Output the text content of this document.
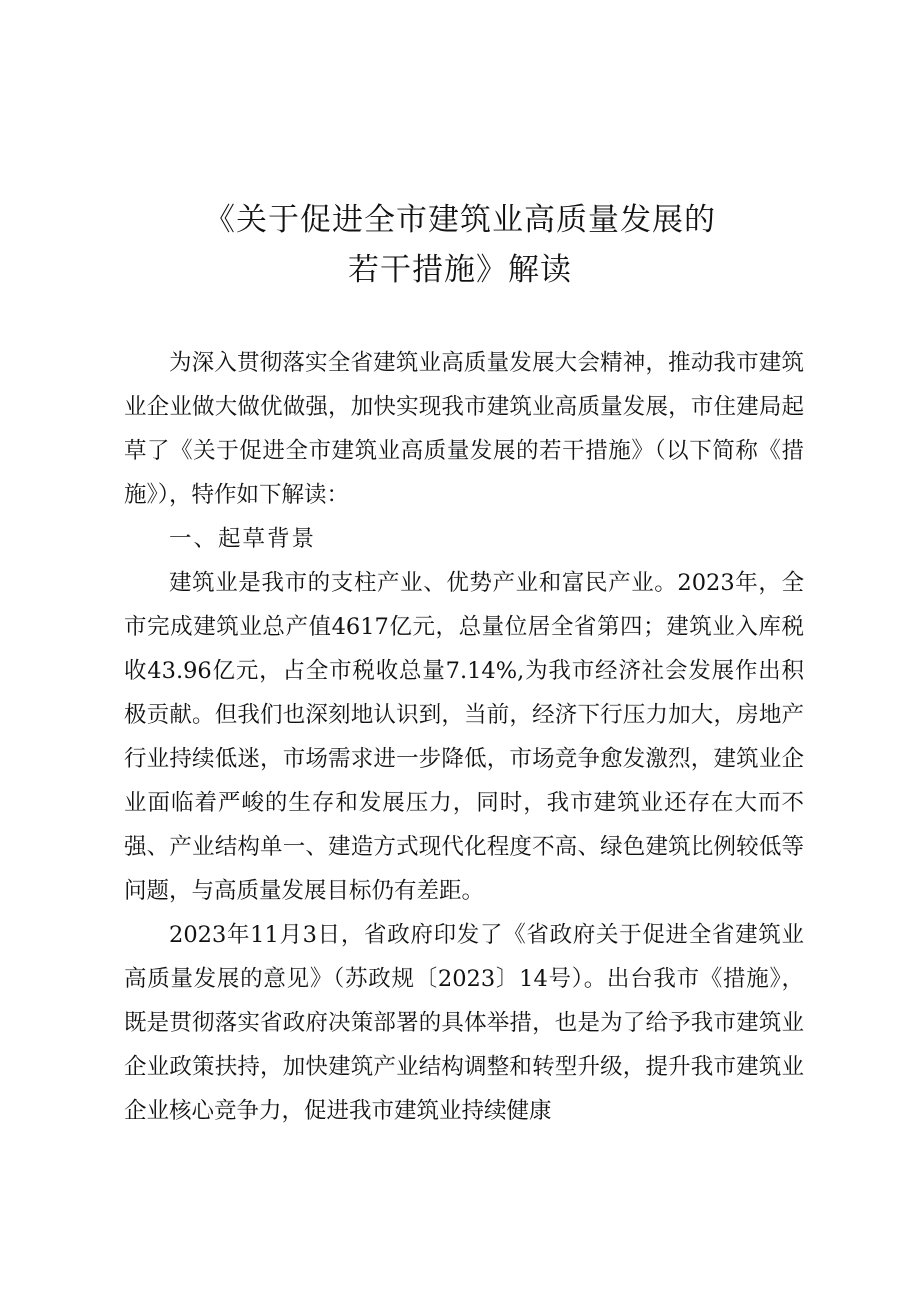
《关于促进全市建筑业高质量发展的
若干措施》解读

为深入贯彻落实全省建筑业高质量发展大会精神，推动我市建筑业企业做大做优做强，加快实现我市建筑业高质量发展，市住建局起草了《关于促进全市建筑业高质量发展的若干措施》（以下简称《措施》），特作如下解读：

一、起草背景

建筑业是我市的支柱产业、优势产业和富民产业。2023年，全市完成建筑业总产值4617亿元，总量位居全省第四；建筑业入库税收43.96亿元，占全市税收总量7.14%,为我市经济社会发展作出积极贡献。但我们也深刻地认识到，当前，经济下行压力加大，房地产行业持续低迷，市场需求进一步降低，市场竞争愈发激烈，建筑业企业面临着严峻的生存和发展压力，同时，我市建筑业还存在大而不强、产业结构单一、建造方式现代化程度不高、绿色建筑比例较低等问题，与高质量发展目标仍有差距。

2023年11月3日，省政府印发了《省政府关于促进全省建筑业高质量发展的意见》（苏政规〔2023〕14号）。出台我市《措施》，既是贯彻落实省政府决策部署的具体举措，也是为了给予我市建筑业企业政策扶持，加快建筑产业结构调整和转型升级，提升我市建筑业企业核心竞争力，促进我市建筑业持续健康
